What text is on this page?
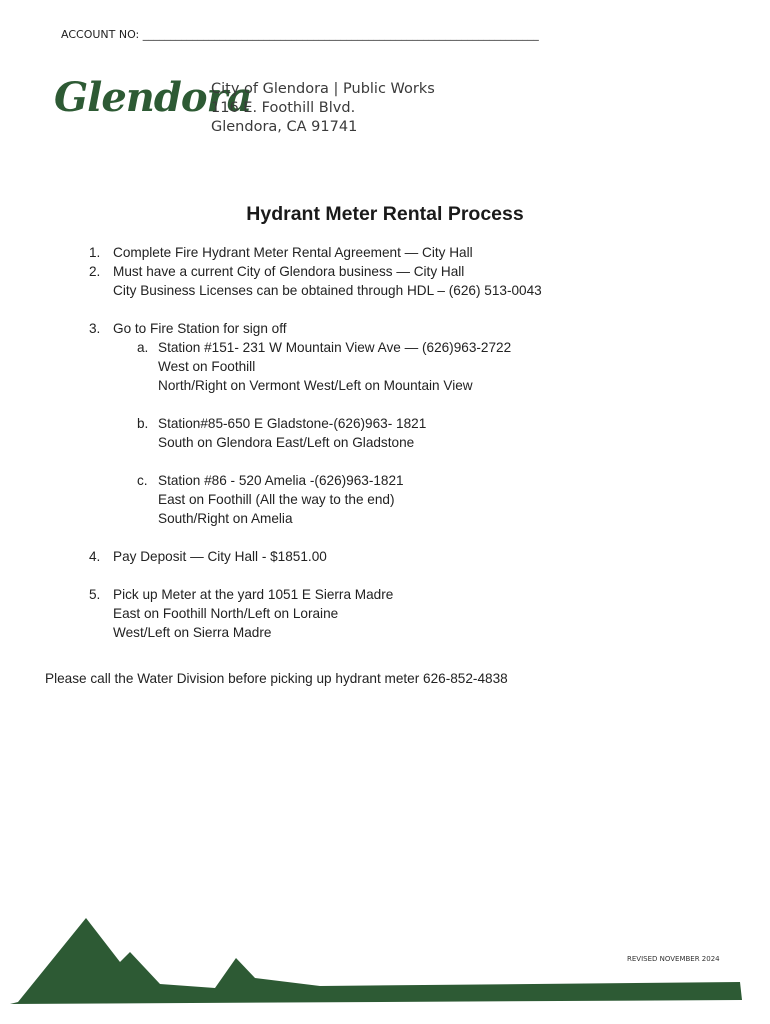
ACCOUNT NO: ________________________________________________________________________
Glendora
City of Glendora | Public Works
116 E. Foothill Blvd.
Glendora, CA 91741
Hydrant Meter Rental Process
1. Complete Fire Hydrant Meter Rental Agreement — City Hall
2. Must have a current City of Glendora business — City Hall
City Business Licenses can be obtained through HDL – (626) 513-0043
3. Go to Fire Station for sign off
a. Station #151- 231 W Mountain View Ave — (626)963-2722
West on Foothill
North/Right on Vermont West/Left on Mountain View
b. Station#85-650 E Gladstone-(626)963- 1821
South on Glendora East/Left on Gladstone
c. Station #86 - 520 Amelia -(626)963-1821
East on Foothill (All the way to the end)
South/Right on Amelia
4. Pay Deposit — City Hall - $1851.00
5. Pick up Meter at the yard 1051 E Sierra Madre
East on Foothill North/Left on Loraine
West/Left on Sierra Madre
Please call the Water Division before picking up hydrant meter 626-852-4838
REVISED NOVEMBER 2024
